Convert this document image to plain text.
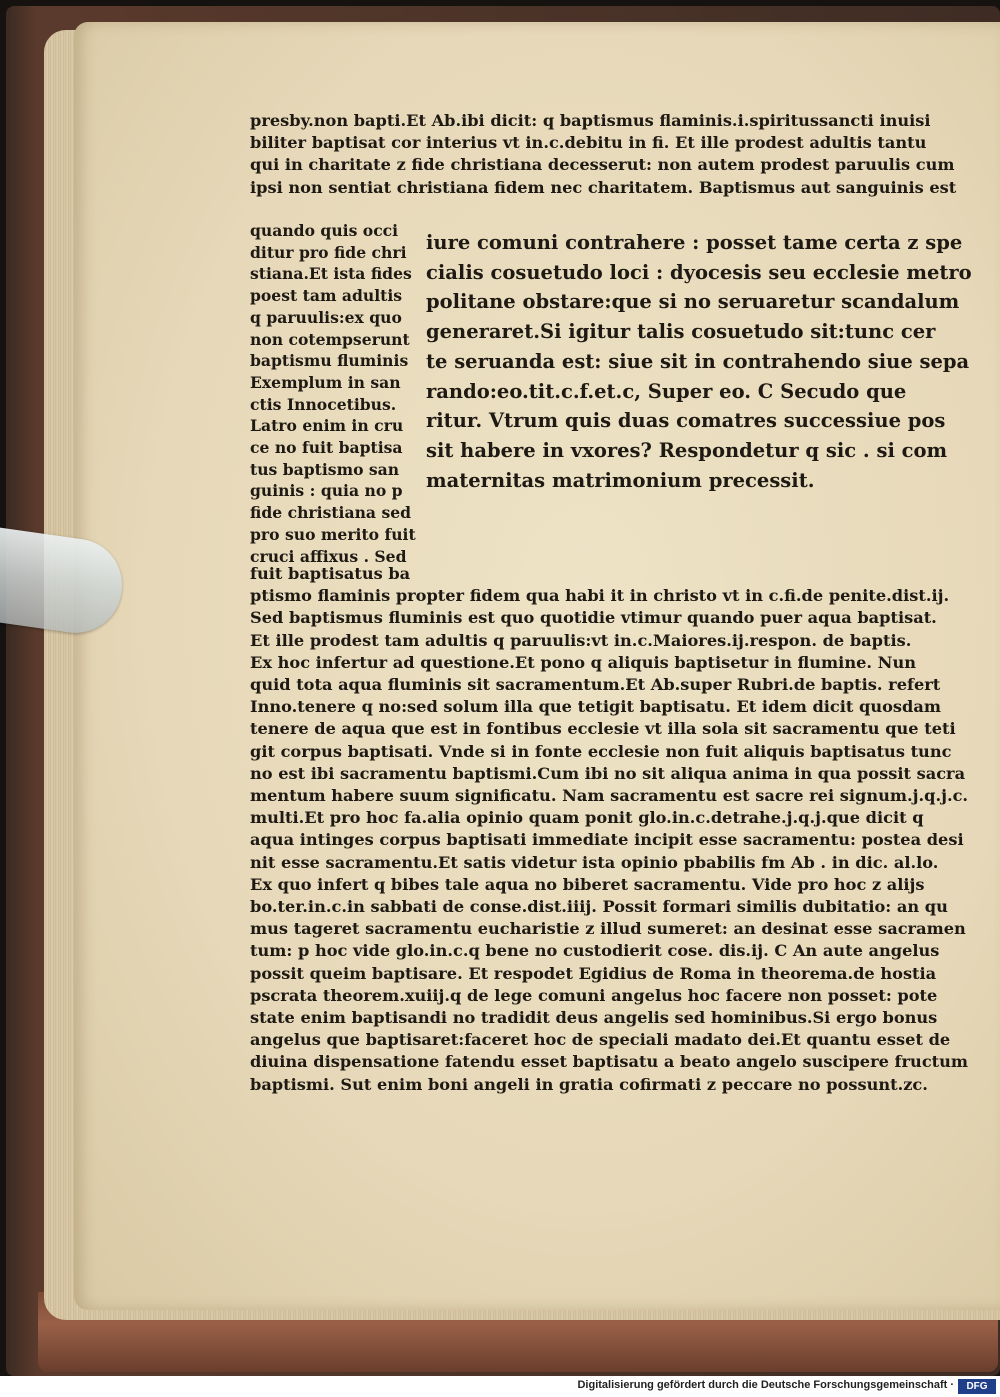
presby.non bapti.Et Ab.ibi dicit: q baptismus flaminis.i.spiritussancti inuisi
biliter baptisat cor interius vt in.c.debitu in fi. Et ille prodest adultis tantu
qui in charitate z fide christiana decesserut: non autem prodest paruulis cum
ipsi non sentiat christiana fidem nec charitatem. Baptismus aut sanguinis est
quando quis occi
ditur pro fide chri
stiana.Et ista fides
poest tam adultis
q paruulis:ex quo
non cotempserunt
baptismu fluminis
Exemplum in san
ctis Innocetibus.
Latro enim in cru
ce no fuit baptisa
tus baptismo san
guinis : quia no p
fide christiana sed
pro suo merito fuit
cruci affixus . Sed
iure comuni contrahere : posset tame certa z spe
cialis cosuetudo loci : dyocesis seu ecclesie metro
politane obstare:que si no seruaretur scandalum
generaret.Si igitur talis cosuetudo sit:tunc cer
te seruanda est: siue sit in contrahendo siue sepa
rando:eo.tit.c.f.et.c, Super eo. C Secudo que
ritur. Vtrum quis duas comatres successiue pos
sit habere in vxores? Respondetur q sic . si com
maternitas matrimonium precessit.
fuit baptisatus ba
ptismo flaminis propter fidem qua habi it in christo vt in c.fi.de penite.dist.ij.
Sed baptismus fluminis est quo quotidie vtimur quando puer aqua baptisat.
Et ille prodest tam adultis q paruulis:vt in.c.Maiores.ij.respon. de baptis.
Ex hoc infertur ad questione.Et pono q aliquis baptisetur in flumine. Nun
quid tota aqua fluminis sit sacramentum.Et Ab.super Rubri.de baptis. refert
Inno.tenere q no:sed solum illa que tetigit baptisatu. Et idem dicit quosdam
tenere de aqua que est in fontibus ecclesie vt illa sola sit sacramentu que teti
git corpus baptisati. Vnde si in fonte ecclesie non fuit aliquis baptisatus tunc
no est ibi sacramentu baptismi.Cum ibi no sit aliqua anima in qua possit sacra
mentum habere suum significatu. Nam sacramentu est sacre rei signum.j.q.j.c.
multi.Et pro hoc fa.alia opinio quam ponit glo.in.c.detrahe.j.q.j.que dicit q
aqua intinges corpus baptisati immediate incipit esse sacramentu: postea desi
nit esse sacramentu.Et satis videtur ista opinio pbabilis fm Ab . in dic. al.lo.
Ex quo infert q bibes tale aqua no biberet sacramentu. Vide pro hoc z alijs
bo.ter.in.c.in sabbati de conse.dist.iiij. Possit formari similis dubitatio: an qu
mus tageret sacramentu eucharistie z illud sumeret: an desinat esse sacramen
tum: p hoc vide glo.in.c.q bene no custodierit cose. dis.ij. C An aute angelus
possit queim baptisare. Et respodet Egidius de Roma in theorema.de hostia
pscrata theorem.xuiij.q de lege comuni angelus hoc facere non posset: pote
state enim baptisandi no tradidit deus angelis sed hominibus.Si ergo bonus
angelus que baptisaret:faceret hoc de speciali madato dei.Et quantu esset de
diuina dispensatione fatendu esset baptisatu a beato angelo suscipere fructum
baptismi. Sut enim boni angeli in gratia cofirmati z peccare no possunt.zc.
Digitalisierung gefördert durch die Deutsche Forschungsgemeinschaft ·	DFG
